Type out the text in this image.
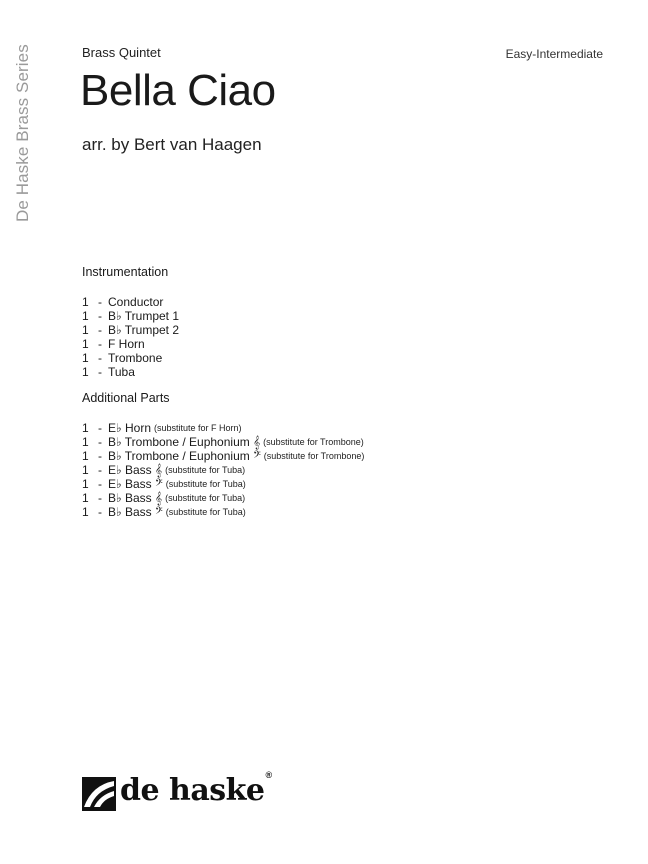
De Haske Brass Series	Brass Quintet	Easy-Intermediate
Bella Ciao
arr. by Bert van Haagen
Instrumentation
1 - Conductor
1 - B♭ Trumpet 1
1 - B♭ Trumpet 2
1 - F Horn
1 - Trombone
1 - Tuba
Additional Parts
1 - E♭ Horn (substitute for F Horn)
1 - B♭ Trombone / Euphonium 𝄞 (substitute for Trombone)
1 - B♭ Trombone / Euphonium 𝄢 (substitute for Trombone)
1 - E♭ Bass 𝄞 (substitute for Tuba)
1 - E♭ Bass 𝄢 (substitute for Tuba)
1 - B♭ Bass 𝄞 (substitute for Tuba)
1 - B♭ Bass 𝄢 (substitute for Tuba)
de haske®
